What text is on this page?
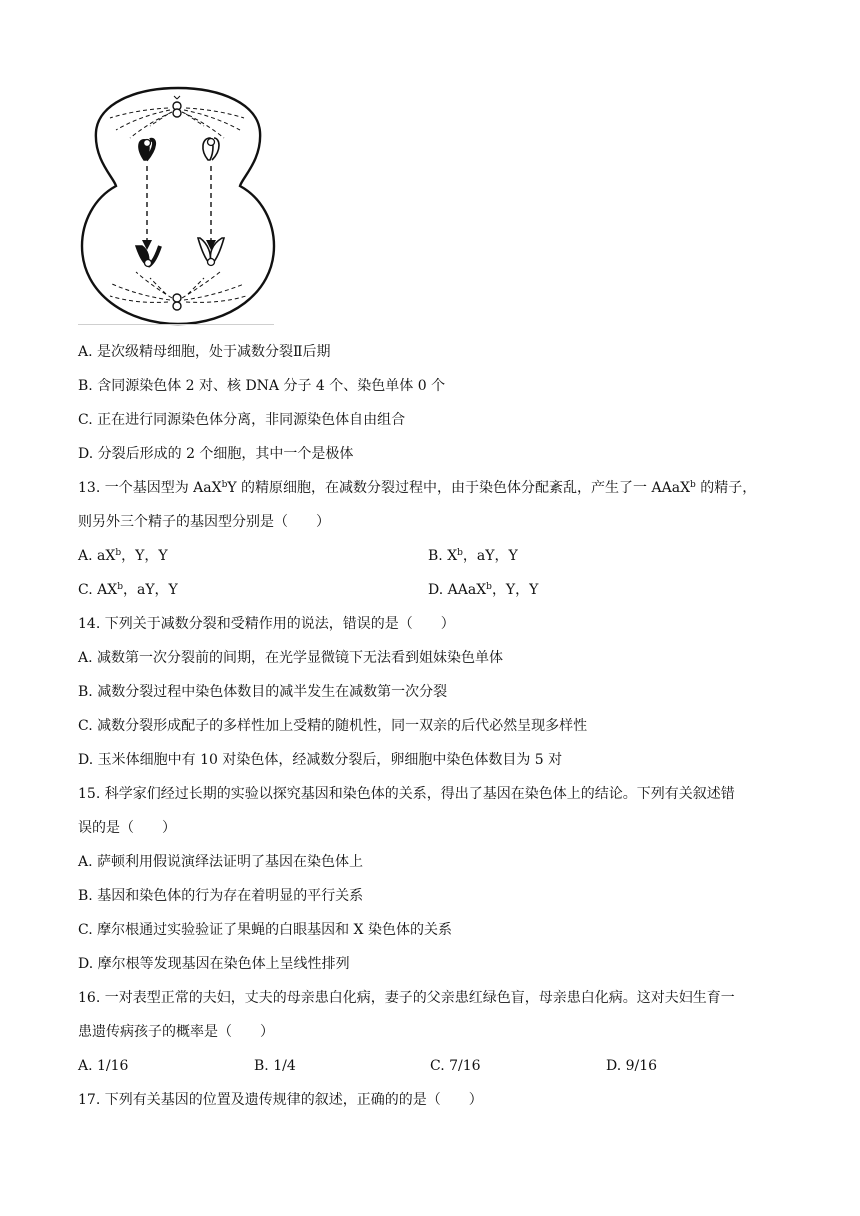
A. 是次级精母细胞，处于减数分裂Ⅱ后期
B. 含同源染色体 2 对、核 DNA 分子 4 个、染色单体 0 个
C. 正在进行同源染色体分离，非同源染色体自由组合
D. 分裂后形成的 2 个细胞，其中一个是极体
13. 一个基因型为 AaX$^b$Y 的精原细胞，在减数分裂过程中，由于染色体分配紊乱，产生了一 AAaX$^b$ 的精子，
则另外三个精子的基因型分别是（　　）
A. $aX^b$，Y，Y	B. $X^b$，aY，Y
C. $AX^b$，aY，Y	D. AAaX$^b$，Y，Y
14. 下列关于减数分裂和受精作用的说法，错误的是（　　）
A. 减数第一次分裂前的间期，在光学显微镜下无法看到姐妹染色单体
B. 减数分裂过程中染色体数目的减半发生在减数第一次分裂
C. 减数分裂形成配子的多样性加上受精的随机性，同一双亲的后代必然呈现多样性
D. 玉米体细胞中有 10 对染色体，经减数分裂后，卵细胞中染色体数目为 5 对
15. 科学家们经过长期的实验以探究基因和染色体的关系，得出了基因在染色体上的结论。下列有关叙述错
误的是（　　）
A. 萨顿利用假说演绎法证明了基因在染色体上
B. 基因和染色体的行为存在着明显的平行关系
C. 摩尔根通过实验验证了果蝇的白眼基因和 X 染色体的关系
D. 摩尔根等发现基因在染色体上呈线性排列
16. 一对表型正常的夫妇，丈夫的母亲患白化病，妻子的父亲患红绿色盲，母亲患白化病。这对夫妇生育一
患遗传病孩子的概率是（　　）
A. 1/16	B. 1/4	C. 7/16	D. 9/16
17. 下列有关基因的位置及遗传规律的叙述，正确的的是（　　）
